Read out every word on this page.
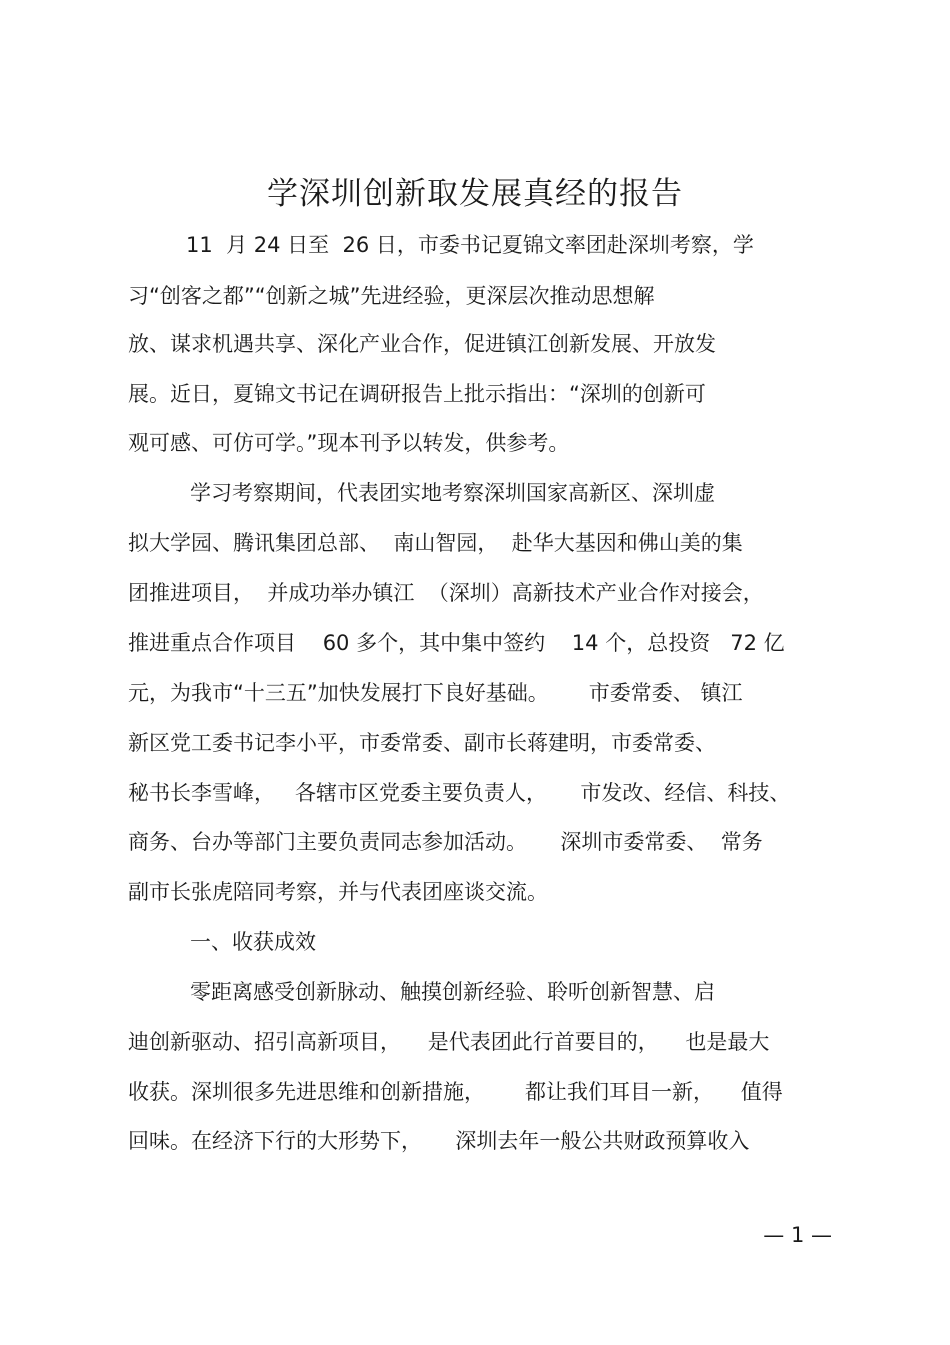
学深圳创新取发展真经的报告
11  月 24 日至  26 日，市委书记夏锦文率团赴深圳考察，学
习“创客之都”“创新之城”先进经验，更深层次推动思想解
放、谋求机遇共享、深化产业合作，促进镇江创新发展、开放发
展。近日，夏锦文书记在调研报告上批示指出：“深圳的创新可
观可感、可仿可学。”现本刊予以转发，供参考。
学习考察期间，代表团实地考察深圳国家高新区、深圳虚
拟大学园、腾讯集团总部、  南山智园，  赴华大基因和佛山美的集
团推进项目，  并成功举办镇江  （深圳）高新技术产业合作对接会，
推进重点合作项目    60 多个，其中集中签约    14 个，总投资   72 亿
元，为我市“十三五”加快发展打下良好基础。      市委常委、 镇江
新区党工委书记李小平，市委常委、副市长蒋建明，市委常委、
秘书长李雪峰，   各辖市区党委主要负责人，     市发改、经信、科技、
商务、台办等部门主要负责同志参加活动。     深圳市委常委、  常务
副市长张虎陪同考察，并与代表团座谈交流。
一、收获成效
零距离感受创新脉动、触摸创新经验、聆听创新智慧、启
迪创新驱动、招引高新项目，    是代表团此行首要目的，    也是最大
收获。深圳很多先进思维和创新措施，      都让我们耳目一新，    值得
回味。在经济下行的大形势下，     深圳去年一般公共财政预算收入
— 1 —
